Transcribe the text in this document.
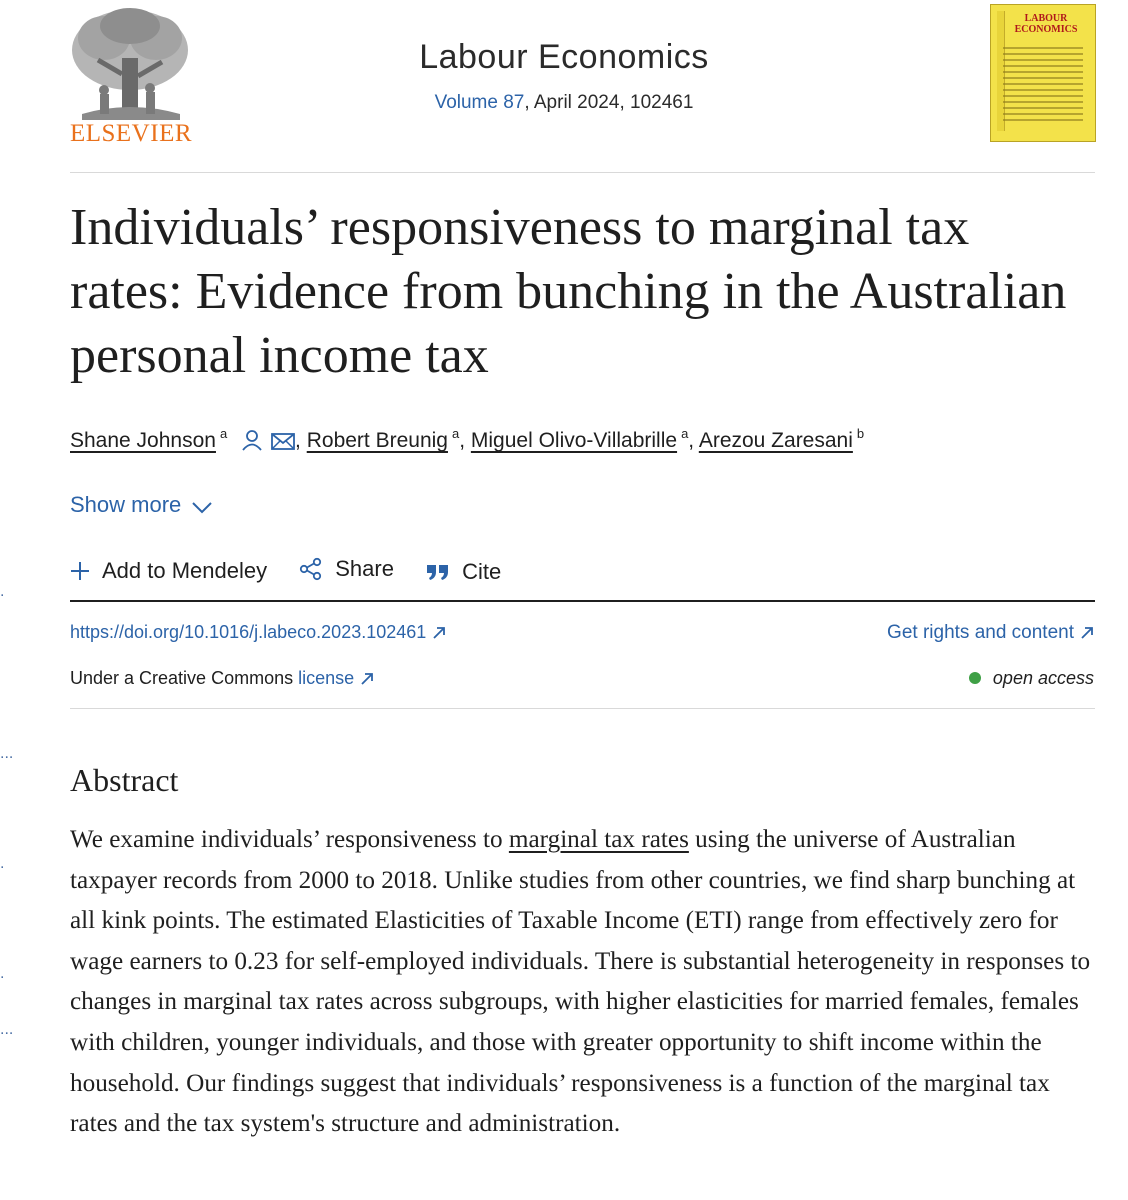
.
...
.
.
...
ELSEVIER
Labour Economics
Volume 87, April 2024, 102461
LABOUR
ECONOMICS
Individuals’ responsiveness to marginal tax rates: Evidence from bunching in the Australian personal income tax
Shane Johnson $^a$	, Robert Breunig $^a$, Miguel Olivo-Villabrille $^a$, Arezou Zaresani $^b$
Show more
Add to Mendeley
	Share
	Cite
https://doi.org/10.1016/j.labeco.2023.102461	Get rights and content
Under a Creative Commons license	open access
Abstract

We examine individuals’ responsiveness to marginal tax rates using the universe of Australian taxpayer records from 2000 to 2018. Unlike studies from other countries, we find sharp bunching at all kink points. The estimated Elasticities of Taxable Income (ETI) range from effectively zero for wage earners to 0.23 for self-employed individuals. There is substantial heterogeneity in responses to changes in marginal tax rates across subgroups, with higher elasticities for married females, females with children, younger individuals, and those with greater opportunity to shift income within the household. Our findings suggest that individuals’ responsiveness is a function of the marginal tax rates and the tax system's structure and administration.
